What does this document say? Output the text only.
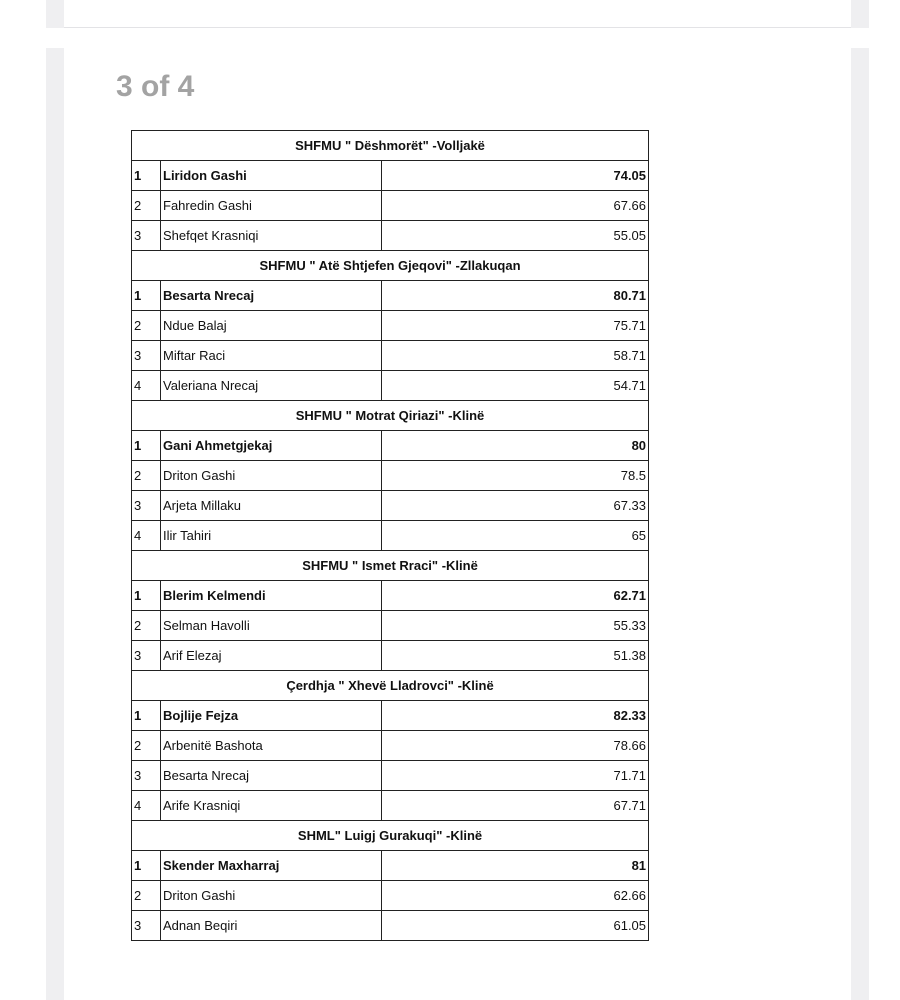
3 of 4
SHFMU " Dëshmorët" -Volljakë		
1	Liridon Gashi	74.05
2	Fahredin Gashi	67.66
3	Shefqet Krasniqi	55.05
SHFMU " Atë Shtjefen Gjeqovi" -Zllakuqan		
1	Besarta Nrecaj	80.71
2	Ndue Balaj	75.71
3	Miftar Raci	58.71
4	Valeriana Nrecaj	54.71
SHFMU " Motrat Qiriazi" -Klinë		
1	Gani Ahmetgjekaj	80
2	Driton Gashi	78.5
3	Arjeta Millaku	67.33
4	Ilir Tahiri	65
SHFMU " Ismet Rraci" -Klinë		
1	Blerim Kelmendi	62.71
2	Selman Havolli	55.33
3	Arif Elezaj	51.38
Çerdhja " Xhevë Lladrovci" -Klinë		
1	Bojlije Fejza	82.33
2	Arbenitë Bashota	78.66
3	Besarta Nrecaj	71.71
4	Arife Krasniqi	67.71
SHML" Luigj Gurakuqi" -Klinë		
1	Skender Maxharraj	81
2	Driton Gashi	62.66
3	Adnan Beqiri	61.05
